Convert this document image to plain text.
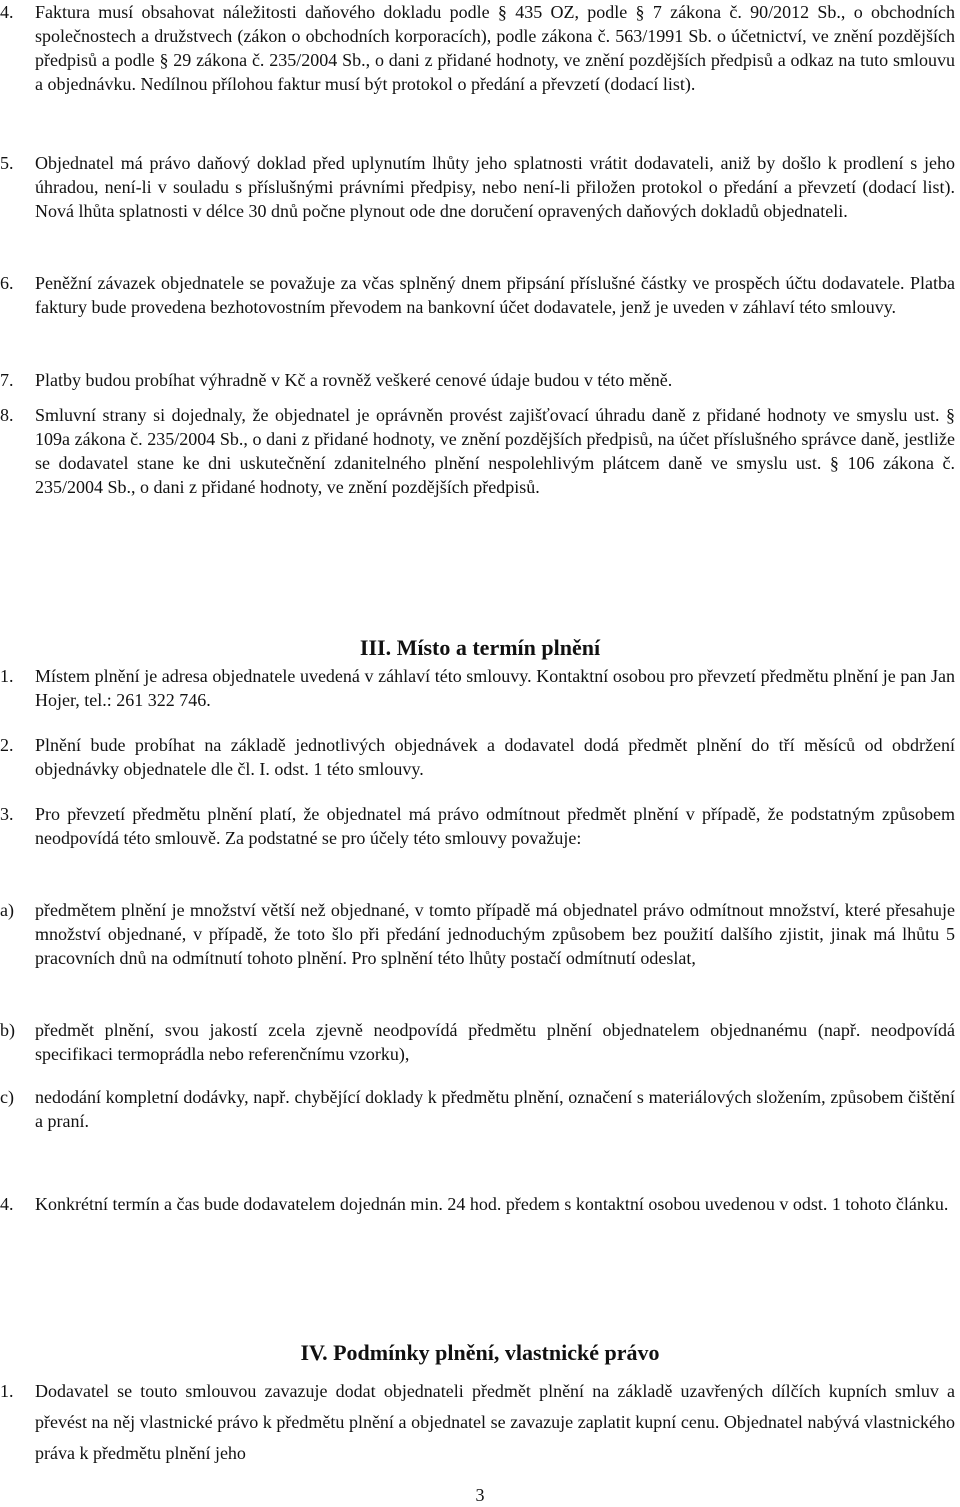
4.	Faktura musí obsahovat náležitosti daňového dokladu podle § 435 OZ, podle § 7 zákona č. 90/2012 Sb., o obchodních společnostech a družstvech (zákon o obchodních korporacích), podle zákona č. 563/1991 Sb. o účetnictví, ve znění pozdějších předpisů a podle § 29 zákona č. 235/2004 Sb., o dani z přidané hodnoty, ve znění pozdějších předpisů a odkaz na tuto smlouvu a objednávku. Nedílnou přílohou faktur musí být protokol o předání a převzetí (dodací list).
5.	Objednatel má právo daňový doklad před uplynutím lhůty jeho splatnosti vrátit dodavateli, aniž by došlo k prodlení s jeho úhradou, není-li v souladu s příslušnými právními předpisy, nebo není-li přiložen protokol o předání a převzetí (dodací list). Nová lhůta splatnosti v délce 30 dnů počne plynout ode dne doručení opravených daňových dokladů objednateli.
6.	Peněžní závazek objednatele se považuje za včas splněný dnem připsání příslušné částky ve prospěch účtu dodavatele. Platba faktury bude provedena bezhotovostním převodem na bankovní účet dodavatele, jenž je uveden v záhlaví této smlouvy.
7.	Platby budou probíhat výhradně v Kč a rovněž veškeré cenové údaje budou v této měně.
8.	Smluvní strany si dojednaly, že objednatel je oprávněn provést zajišťovací úhradu daně z přidané hodnoty ve smyslu ust. § 109a zákona č. 235/2004 Sb., o dani z přidané hodnoty, ve znění pozdějších předpisů, na účet příslušného správce daně, jestliže se dodavatel stane ke dni uskutečnění zdanitelného plnění nespolehlivým plátcem daně ve smyslu ust. § 106 zákona č. 235/2004 Sb., o dani z přidané hodnoty, ve znění pozdějších předpisů.
III. Místo a termín plnění
1.	Místem plnění je adresa objednatele uvedená v záhlaví této smlouvy. Kontaktní osobou pro převzetí předmětu plnění je pan Jan Hojer, tel.: 261 322 746.
2.	Plnění bude probíhat na základě jednotlivých objednávek a dodavatel dodá předmět plnění do tří měsíců od obdržení objednávky objednatele dle čl. I. odst. 1 této smlouvy.
3.	Pro převzetí předmětu plnění platí, že objednatel má právo odmítnout předmět plnění v případě, že podstatným způsobem neodpovídá této smlouvě. Za podstatné se pro účely této smlouvy považuje:
a)	předmětem plnění je množství větší než objednané, v tomto případě má objednatel právo odmítnout množství, které přesahuje množství objednané, v případě, že toto šlo při předání jednoduchým způsobem bez použití dalšího zjistit, jinak má lhůtu 5 pracovních dnů na odmítnutí tohoto plnění. Pro splnění této lhůty postačí odmítnutí odeslat,
b)	předmět plnění, svou jakostí zcela zjevně neodpovídá předmětu plnění objednatelem objednanému (např. neodpovídá specifikaci termoprádla nebo referenčnímu vzorku),
c)	nedodání kompletní dodávky, např. chybějící doklady k předmětu plnění, označení s materiálových složením, způsobem čištění a praní.
4.	Konkrétní termín a čas bude dodavatelem dojednán min. 24 hod. předem s kontaktní osobou uvedenou v odst. 1 tohoto článku.
IV. Podmínky plnění, vlastnické právo
1.	Dodavatel se touto smlouvou zavazuje dodat objednateli předmět plnění na základě uzavřených dílčích kupních smluv a převést na něj vlastnické právo k předmětu plnění a objednatel se zavazuje zaplatit kupní cenu. Objednatel nabývá vlastnického práva k předmětu plnění jeho
3
